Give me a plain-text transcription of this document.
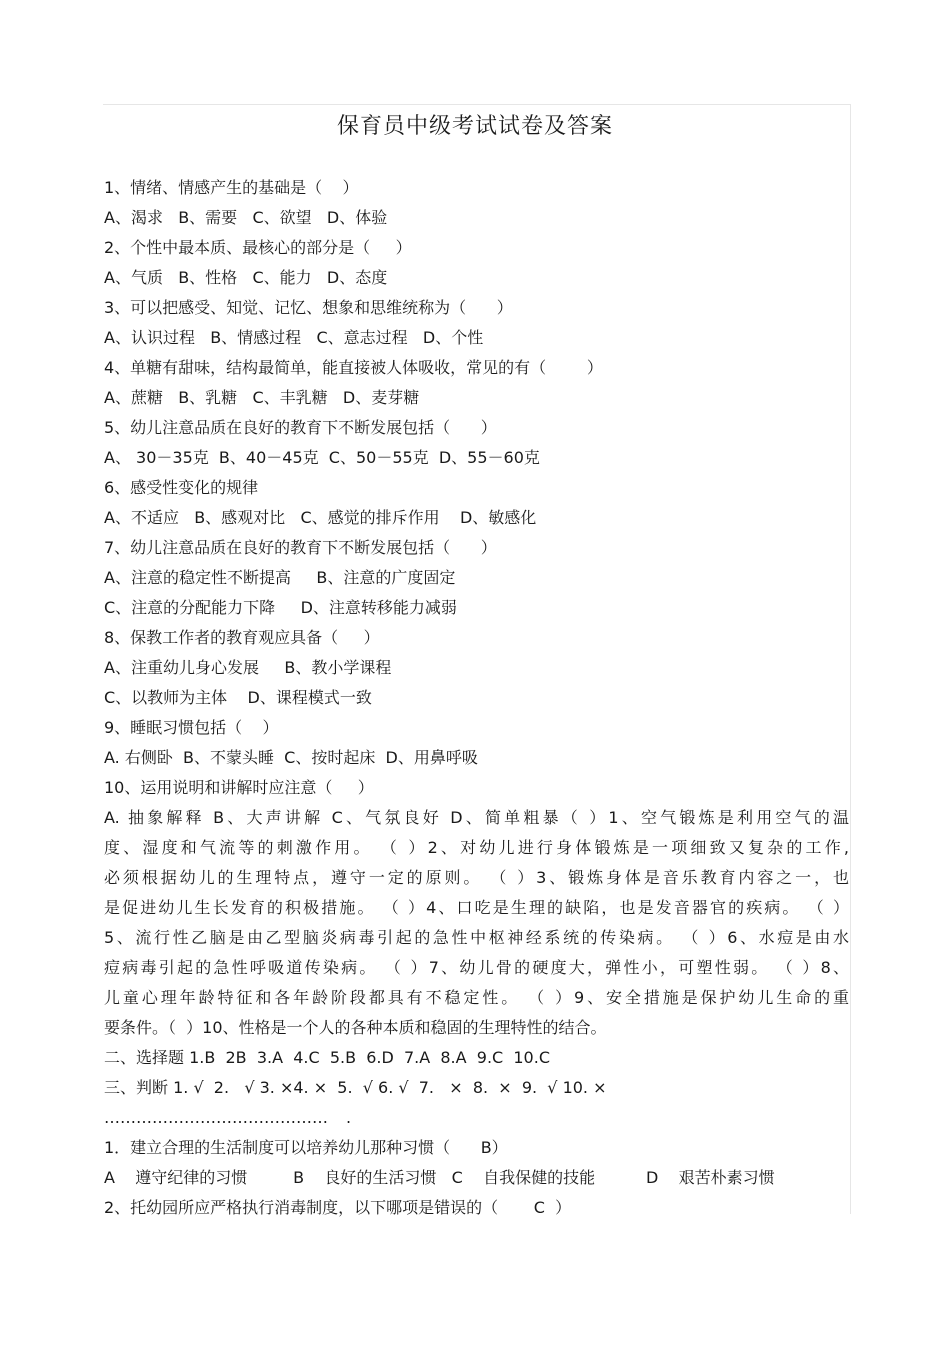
保育员中级考试试卷及答案
1、情绪、情感产生的基础是（    ）
A、渴求   B、需要   C、欲望   D、体验
2、个性中最本质、最核心的部分是（     ）
A、气质   B、性格   C、能力   D、态度
3、可以把感受、知觉、记忆、想象和思维统称为（      ）
A、认识过程   B、情感过程   C、意志过程   D、个性
4、单糖有甜味，结构最简单，能直接被人体吸收，常见的有（        ）
A、蔗糖   B、乳糖   C、丰乳糖   D、麦芽糖
5、幼儿注意品质在良好的教育下不断发展包括（      ）
A、 30－35克  B、40－45克  C、50－55克  D、55－60克
6、感受性变化的规律
A、不适应   B、感观对比   C、感觉的排斥作用    D、敏感化
7、幼儿注意品质在良好的教育下不断发展包括（      ）
A、注意的稳定性不断提高     B、注意的广度固定
C、注意的分配能力下降     D、注意转移能力减弱
8、保教工作者的教育观应具备（     ）
A、注重幼儿身心发展     B、教小学课程
C、以教师为主体    D、课程模式一致
9、睡眠习惯包括（    ）
A. 右侧卧  B、不蒙头睡  C、按时起床  D、用鼻呼吸
10、运用说明和讲解时应注意（     ）
A. 抽象解释 B、大声讲解 C、气氛良好 D、简单粗暴（ ）1、空气锻炼是利用空气的温
度、湿度和气流等的刺激作用。 （ ）2、对幼儿进行身体锻炼是一项细致又复杂的工作,
必须根据幼儿的生理特点，遵守一定的原则。 （ ）3、锻炼身体是音乐教育内容之一，也
是促进幼儿生长发育的积极措施。 （ ）4、口吃是生理的缺陷，也是发音器官的疾病。 （ ）
5、流行性乙脑是由乙型脑炎病毒引起的急性中枢神经系统的传染病。 （ ）6、水痘是由水
痘病毒引起的急性呼吸道传染病。 （ ）7、幼儿骨的硬度大，弹性小，可塑性弱。 （ ）8、
儿童心理年龄特征和各年龄阶段都具有不稳定性。 （ ）9、安全措施是保护幼儿生命的重
要条件。（  ）10、性格是一个人的各种本质和稳固的生理特性的结合。
二、选择题 1.B  2B  3.A  4.C  5.B  6.D  7.A  8.A  9.C  10.C
三、判断 1. √  2.   √ 3. ×4. ×  5.  √ 6. √  7.   ×  8.  ×  9.  √ 10. ×
…………………………………… .
1．建立合理的生活制度可以培养幼儿那种习惯（      B）
A    遵守纪律的习惯         B    良好的生活习惯   C    自我保健的技能          D    艰苦朴素习惯
2、托幼园所应严格执行消毒制度，以下哪项是错误的（       C  ）
